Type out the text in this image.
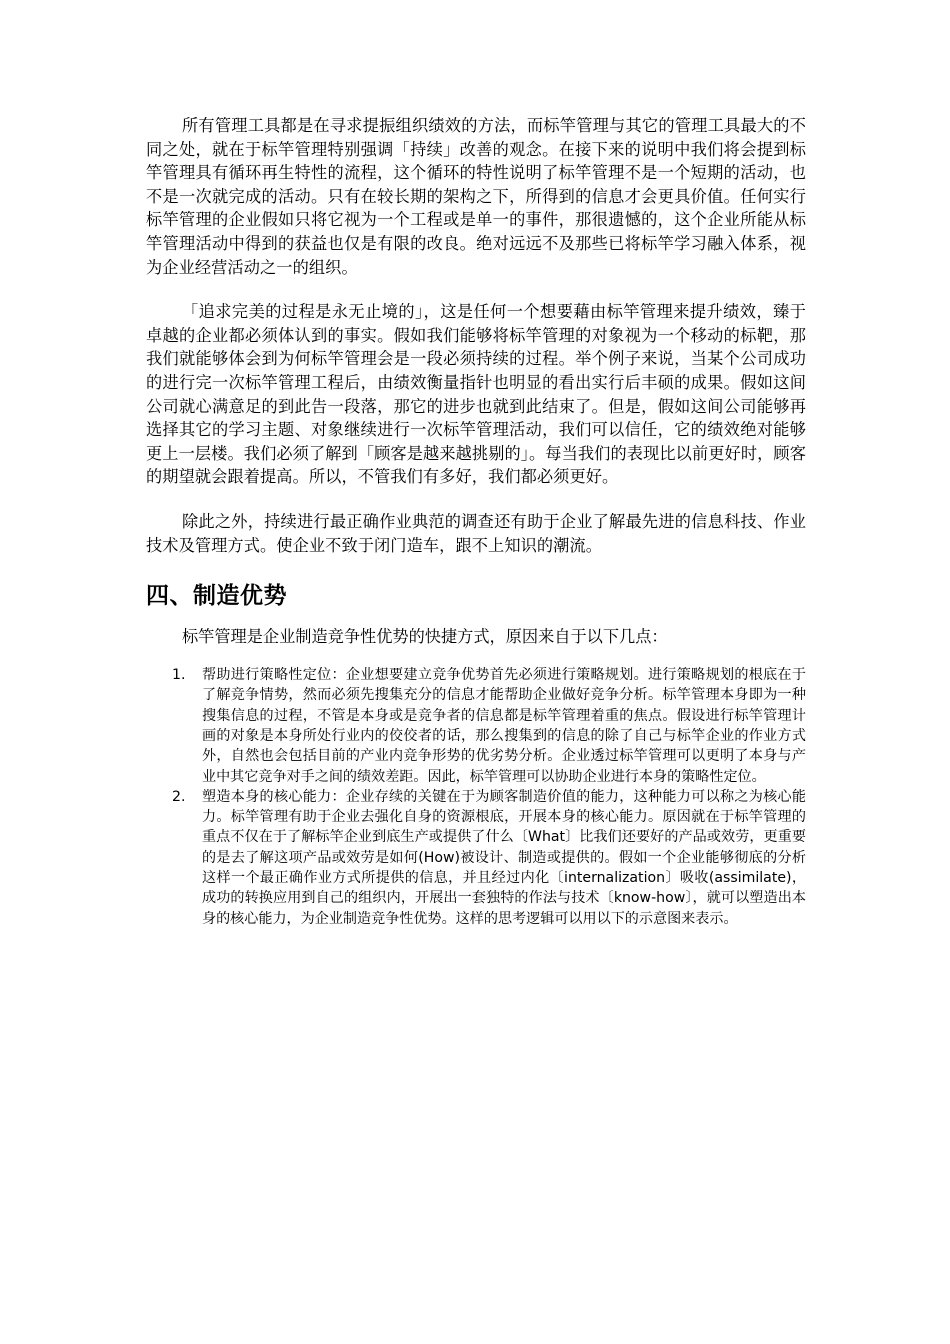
所有管理工具都是在寻求提振组织绩效的方法，而标竿管理与其它的管理工具最大的不同之处，就在于标竿管理特别强调「持续」改善的观念。在接下来的说明中我们将会提到标竿管理具有循环再生特性的流程，这个循环的特性说明了标竿管理不是一个短期的活动，也不是一次就完成的活动。只有在较长期的架构之下，所得到的信息才会更具价值。任何实行标竿管理的企业假如只将它视为一个工程或是单一的事件，那很遗憾的，这个企业所能从标竿管理活动中得到的获益也仅是有限的改良。绝对远远不及那些已将标竿学习融入体系，视为企业经营活动之一的组织。

「追求完美的过程是永无止境的」，这是任何一个想要藉由标竿管理来提升绩效，臻于卓越的企业都必须体认到的事实。假如我们能够将标竿管理的对象视为一个移动的标靶，那我们就能够体会到为何标竿管理会是一段必须持续的过程。举个例子来说，当某个公司成功的进行完一次标竿管理工程后，由绩效衡量指针也明显的看出实行后丰硕的成果。假如这间公司就心满意足的到此告一段落，那它的进步也就到此结束了。但是，假如这间公司能够再选择其它的学习主题、对象继续进行一次标竿管理活动，我们可以信任，它的绩效绝对能够更上一层楼。我们必须了解到「顾客是越来越挑剔的」。每当我们的表现比以前更好时，顾客的期望就会跟着提高。所以，不管我们有多好，我们都必须更好。

除此之外，持续进行最正确作业典范的调查还有助于企业了解最先进的信息科技、作业技术及管理方式。使企业不致于闭门造车，跟不上知识的潮流。

四、制造优势

标竿管理是企业制造竞争性优势的快捷方式，原因来自于以下几点：

1. 帮助进行策略性定位：企业想要建立竞争优势首先必须进行策略规划。进行策略规划的根底在于了解竞争情势，然而必须先搜集充分的信息才能帮助企业做好竞争分析。标竿管理本身即为一种搜集信息的过程，不管是本身或是竞争者的信息都是标竿管理着重的焦点。假设进行标竿管理计画的对象是本身所处行业内的佼佼者的话，那么搜集到的信息的除了自己与标竿企业的作业方式外，自然也会包括目前的产业内竞争形势的优劣势分析。企业透过标竿管理可以更明了本身与产业中其它竞争对手之间的绩效差距。因此，标竿管理可以协助企业进行本身的策略性定位。
2. 塑造本身的核心能力：企业存续的关键在于为顾客制造价值的能力，这种能力可以称之为核心能力。标竿管理有助于企业去强化自身的资源根底，开展本身的核心能力。原因就在于标竿管理的重点不仅在于了解标竿企业到底生产或提供了什么〔What〕比我们还要好的产品或效劳，更重要的是去了解这项产品或效劳是如何(How)被设计、制造或提供的。假如一个企业能够彻底的分析这样一个最正确作业方式所提供的信息，并且经过内化〔internalization〕吸收(assimilate)，成功的转换应用到自己的组织内，开展出一套独特的作法与技术〔know-how〕，就可以塑造出本身的核心能力，为企业制造竞争性优势。这样的思考逻辑可以用以下的示意图来表示。
